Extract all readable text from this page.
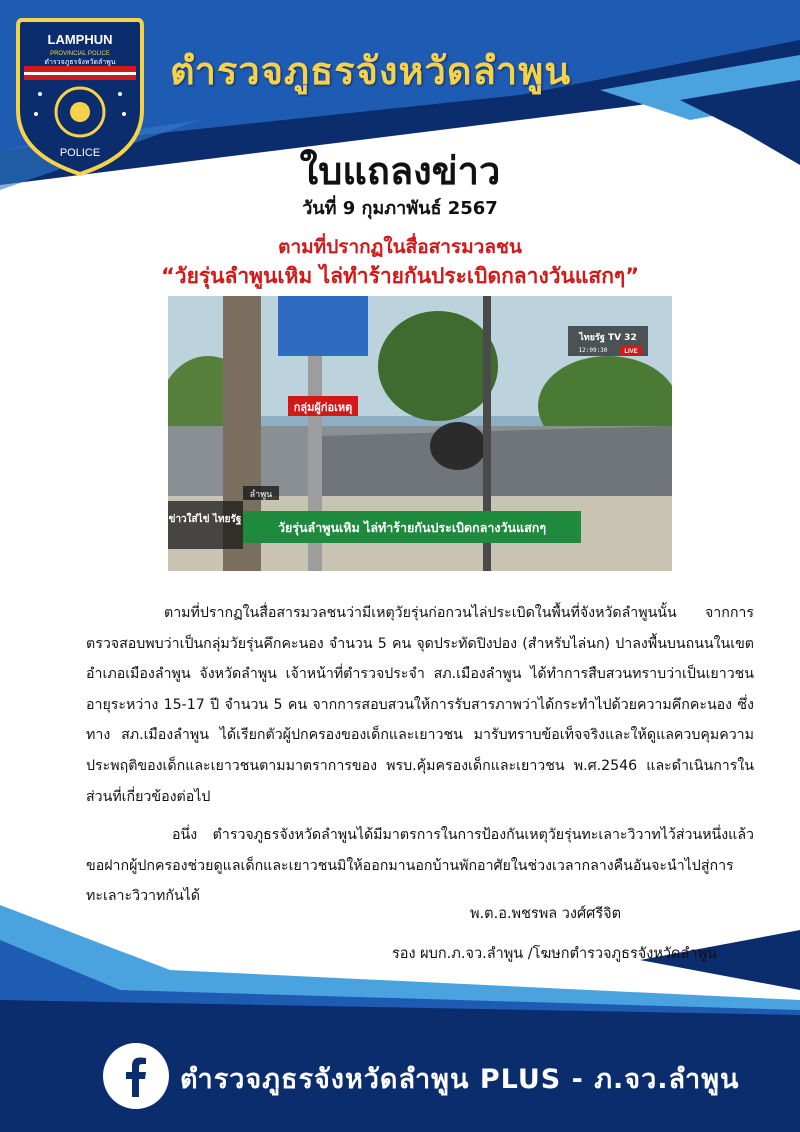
LAMPHUN
PROVINCIAL POLICE
ตำรวจภูธรจังหวัดลำพูน
POLICE
ตำรวจภูธรจังหวัดลำพูน
ใบแถลงข่าว
วันที่ 9 กุมภาพันธ์ 2567
ตามที่ปรากฏในสื่อสารมวลชน
“วัยรุ่นลำพูนเหิม ไล่ทำร้ายกันประเบิดกลางวันแสกๆ”
กลุ่มผู้ก่อเหตุ
ไทยรัฐ TV 32
12:09:30	LIVE
ลำพูน
ข่าวใส่ไข่ ไทยรัฐ
วัยรุ่นลำพูนเหิม ไล่ทำร้ายกันประเบิดกลางวันแสกๆ
ตามที่ปรากฏในสื่อสารมวลชนว่ามีเหตุวัยรุ่นก่อกวนไล่ประเบิดในพื้นที่จังหวัดลำพูนนั้น จากการตรวจสอบพบว่าเป็นกลุ่มวัยรุ่นคึกคะนอง จำนวน 5 คน จุดประทัดปิงปอง (สำหรับไล่นก) ปาลงพื้นบนถนนในเขตอำเภอเมืองลำพูน จังหวัดลำพูน เจ้าหน้าที่ตำรวจประจำ สภ.เมืองลำพูน ได้ทำการสืบสวนทราบว่าเป็นเยาวชน อายุระหว่าง 15-17 ปี จำนวน 5 คน จากการสอบสวนให้การรับสารภาพว่าได้กระทำไปด้วยความคึกคะนอง ซึ่งทาง สภ.เมืองลำพูน ได้เรียกตัวผู้ปกครองของเด็กและเยาวชน มารับทราบข้อเท็จจริงและให้ดูแลควบคุมความประพฤติของเด็กและเยาวชนตามมาตราการของ พรบ.คุ้มครองเด็กและเยาวชน พ.ศ.2546 และดำเนินการในส่วนที่เกี่ยวข้องต่อไป
อนึ่ง ตำรวจภูธรจังหวัดลำพูนได้มีมาตรการในการป้องกันเหตุวัยรุ่นทะเลาะวิวาทไว้ส่วนหนึ่งแล้ว ขอฝากผู้ปกครองช่วยดูแลเด็กและเยาวชนมิให้ออกมานอกบ้านพักอาศัยในช่วงเวลากลางคืนอันจะนำไปสู่การทะเลาะวิวาทกันได้
พ.ต.อ.พชรพล วงศ์ศรีจิต
รอง ผบก.ภ.จว.ลำพูน /โฆษกตำรวจภูธรจังหวัดลำพูน
ตำรวจภูธรจังหวัดลำพูน PLUS - ภ.จว.ลำพูน
